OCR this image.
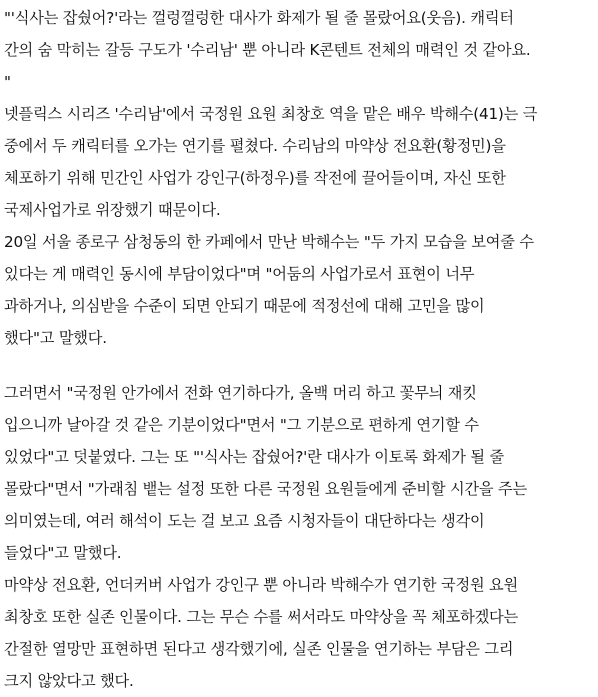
"'식사는 잡쉈어?'라는 껄렁껄렁한 대사가 화제가 될 줄 몰랐어요(웃음). 캐릭터
간의 숨 막히는 갈등 구도가 '수리남' 뿐 아니라 K콘텐트 전체의 매력인 것 같아요.
"
넷플릭스 시리즈 '수리남'에서 국정원 요원 최창호 역을 맡은 배우 박해수(41)는 극
중에서 두 캐릭터를 오가는 연기를 펼쳤다. 수리남의 마약상 전요환(황정민)을
체포하기 위해 민간인 사업가 강인구(하정우)를 작전에 끌어들이며, 자신 또한
국제사업가로 위장했기 때문이다.
20일 서울 종로구 삼청동의 한 카페에서 만난 박해수는 "두 가지 모습을 보여줄 수
있다는 게 매력인 동시에 부담이었다"며 "어둠의 사업가로서 표현이 너무
과하거나, 의심받을 수준이 되면 안되기 때문에 적정선에 대해 고민을 많이
했다"고 말했다.
그러면서 "국정원 안가에서 전화 연기하다가, 올백 머리 하고 꽃무늬 재킷
입으니까 날아갈 것 같은 기분이었다"면서 "그 기분으로 편하게 연기할 수
있었다"고 덧붙였다. 그는 또 "'식사는 잡쉈어?'란 대사가 이토록 화제가 될 줄
몰랐다"면서 "가래침 뱉는 설정 또한 다른 국정원 요원들에게 준비할 시간을 주는
의미였는데, 여러 해석이 도는 걸 보고 요즘 시청자들이 대단하다는 생각이
들었다"고 말했다.
마약상 전요환, 언더커버 사업가 강인구 뿐 아니라 박해수가 연기한 국정원 요원
최창호 또한 실존 인물이다. 그는 무슨 수를 써서라도 마약상을 꼭 체포하겠다는
간절한 열망만 표현하면 된다고 생각했기에, 실존 인물을 연기하는 부담은 그리
크지 않았다고 했다.
